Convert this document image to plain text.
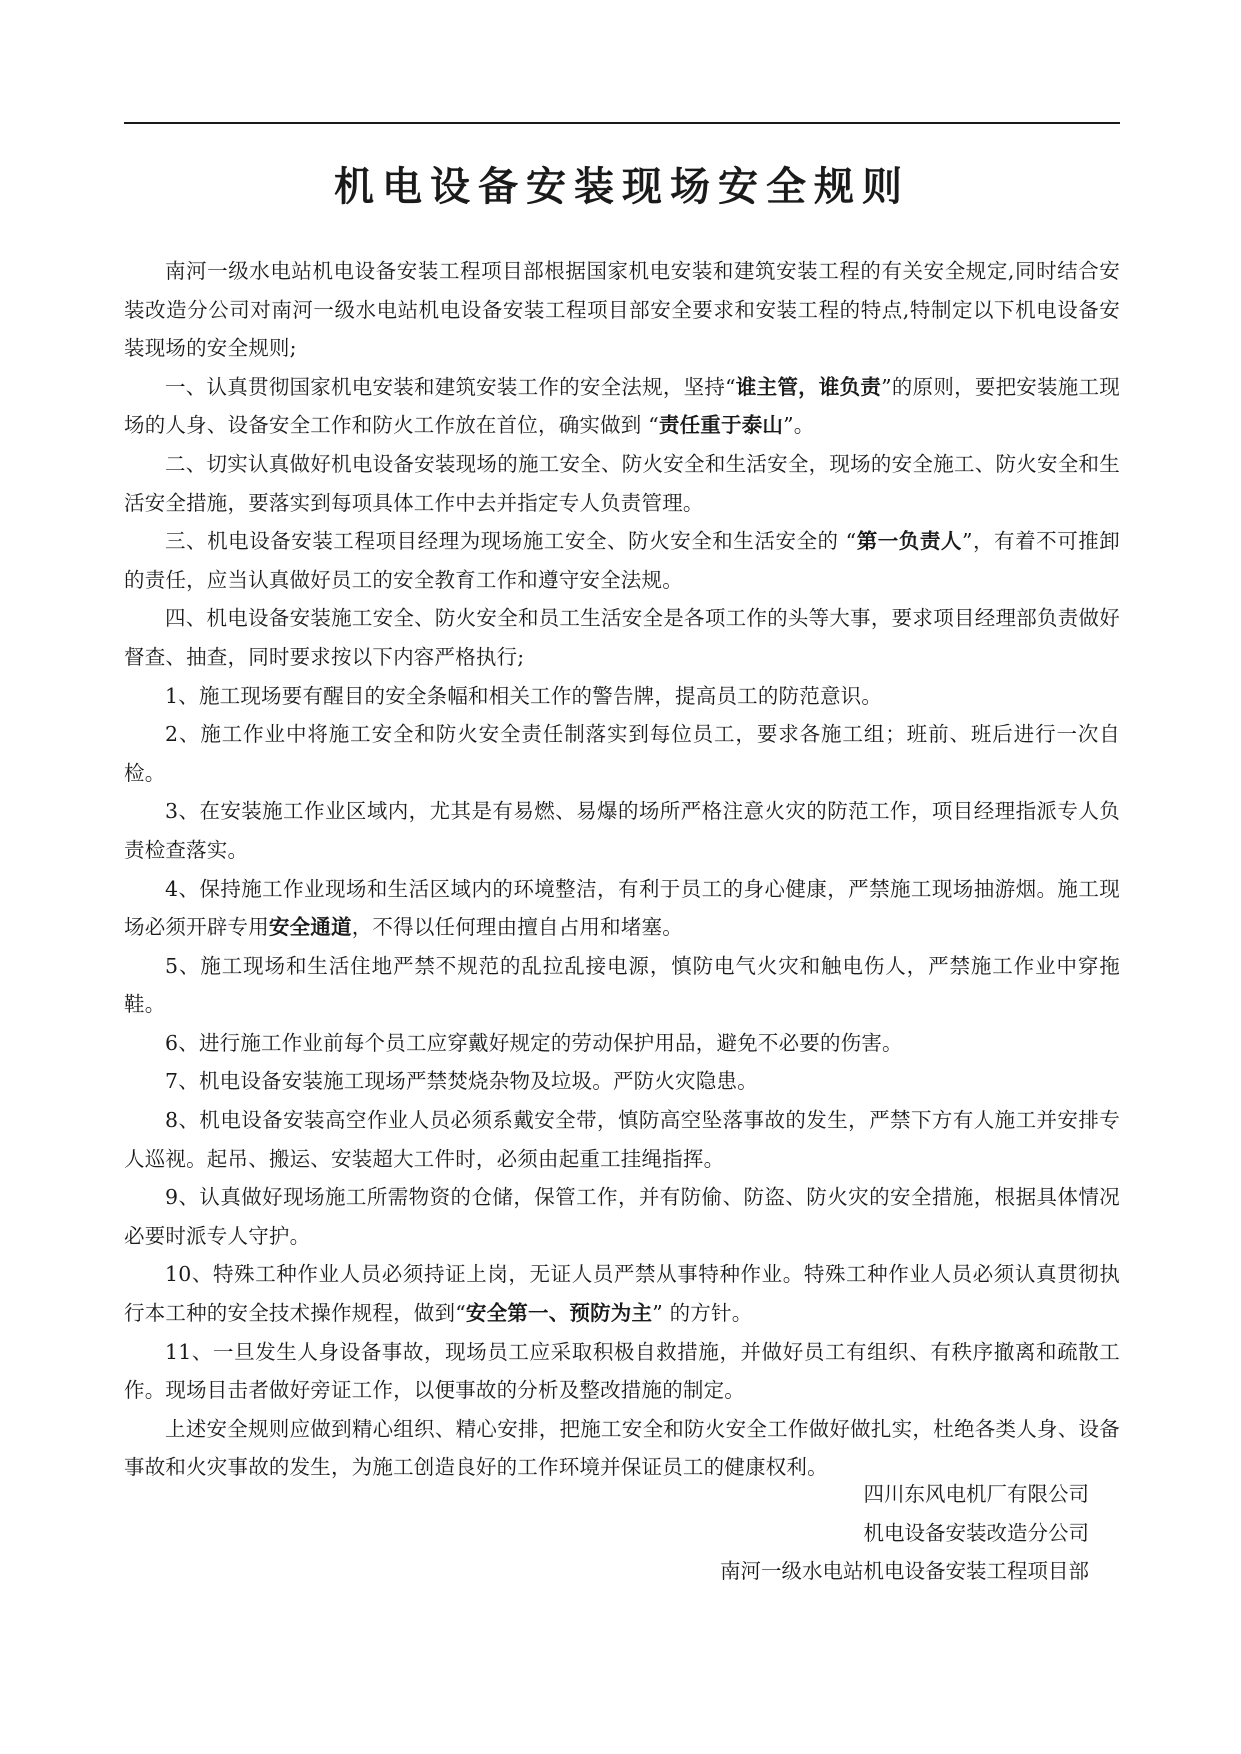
机电设备安装现场安全规则

南河一级水电站机电设备安装工程项目部根据国家机电安装和建筑安装工程的有关安全规定,同时结合安装改造分公司对南河一级水电站机电设备安装工程项目部安全要求和安装工程的特点,特制定以下机电设备安装现场的安全规则;

一、认真贯彻国家机电安装和建筑安装工作的安全法规，坚持“谁主管，谁负责”的原则，要把安装施工现场的人身、设备安全工作和防火工作放在首位，确实做到 “责任重于泰山”。

二、切实认真做好机电设备安装现场的施工安全、防火安全和生活安全，现场的安全施工、防火安全和生活安全措施，要落实到每项具体工作中去并指定专人负责管理。

三、机电设备安装工程项目经理为现场施工安全、防火安全和生活安全的 “第一负责人”，有着不可推卸的责任，应当认真做好员工的安全教育工作和遵守安全法规。

四、机电设备安装施工安全、防火安全和员工生活安全是各项工作的头等大事，要求项目经理部负责做好督查、抽查，同时要求按以下内容严格执行;

1、施工现场要有醒目的安全条幅和相关工作的警告牌，提高员工的防范意识。

2、施工作业中将施工安全和防火安全责任制落实到每位员工，要求各施工组；班前、班后进行一次自检。

3、在安装施工作业区域内，尤其是有易燃、易爆的场所严格注意火灾的防范工作，项目经理指派专人负责检查落实。

4、保持施工作业现场和生活区域内的环境整洁，有利于员工的身心健康，严禁施工现场抽游烟。施工现场必须开辟专用安全通道，不得以任何理由擅自占用和堵塞。

5、施工现场和生活住地严禁不规范的乱拉乱接电源，慎防电气火灾和触电伤人，严禁施工作业中穿拖鞋。

6、进行施工作业前每个员工应穿戴好规定的劳动保护用品，避免不必要的伤害。

7、机电设备安装施工现场严禁焚烧杂物及垃圾。严防火灾隐患。

8、机电设备安装高空作业人员必须系戴安全带，慎防高空坠落事故的发生，严禁下方有人施工并安排专人巡视。起吊、搬运、安装超大工件时，必须由起重工挂绳指挥。

9、认真做好现场施工所需物资的仓储，保管工作，并有防偷、防盗、防火灾的安全措施，根据具体情况必要时派专人守护。

10、特殊工种作业人员必须持证上岗，无证人员严禁从事特种作业。特殊工种作业人员必须认真贯彻执行本工种的安全技术操作规程，做到“安全第一、预防为主” 的方针。

11、一旦发生人身设备事故，现场员工应采取积极自救措施，并做好员工有组织、有秩序撤离和疏散工作。现场目击者做好旁证工作，以便事故的分析及整改措施的制定。

上述安全规则应做到精心组织、精心安排，把施工安全和防火安全工作做好做扎实，杜绝各类人身、设备事故和火灾事故的发生，为施工创造良好的工作环境并保证员工的健康权利。

四川东风电机厂有限公司
机电设备安装改造分公司
南河一级水电站机电设备安装工程项目部
